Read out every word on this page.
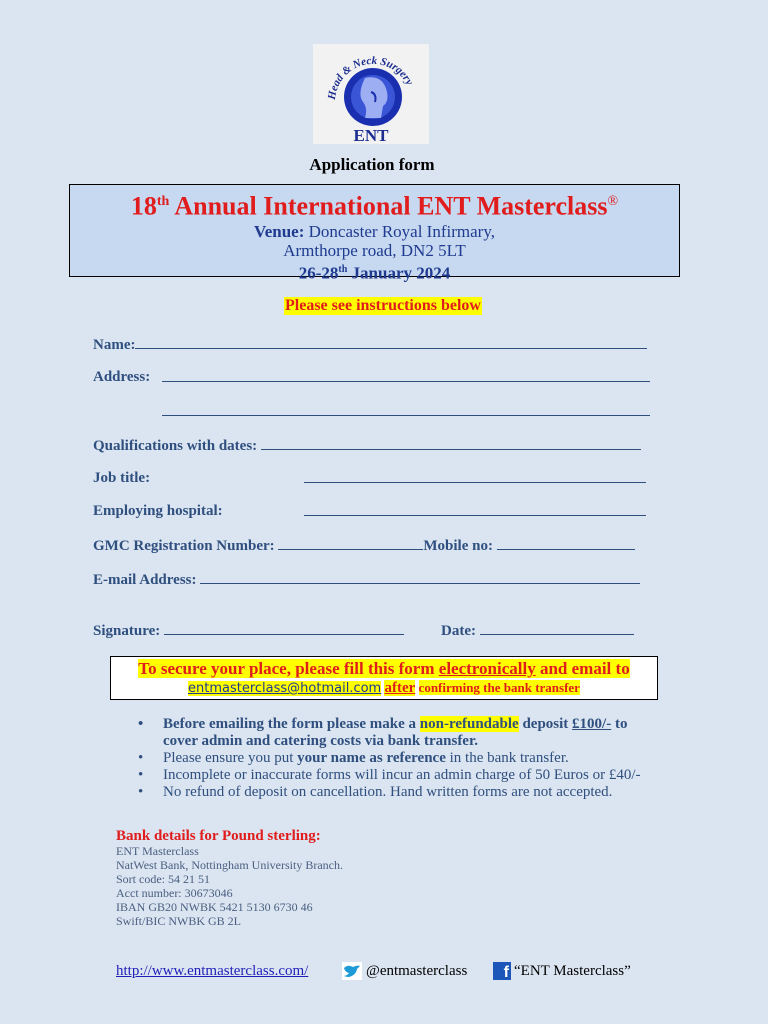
Head & Neck Surgery
ENT
Application form
18th Annual International ENT Masterclass®
Venue: Doncaster Royal Infirmary,
Armthorpe road, DN2 5LT
26-28th January 2024
Please see instructions below
Name:
Address:
Qualifications with dates:
Job title:
Employing hospital:
GMC Registration Number:	Mobile no:
E-mail Address:
Signature:	Date:
To secure your place, please fill this form electronically and email to
entmasterclass@hotmail.com after confirming the bank transfer
• Before emailing the form please make a non-refundable deposit £100/- to cover admin and catering costs via bank transfer.
• Please ensure you put your name as reference in the bank transfer.
• Incomplete or inaccurate forms will incur an admin charge of 50 Euros or £40/-
• No refund of deposit on cancellation. Hand written forms are not accepted.
Bank details for Pound sterling:
ENT Masterclass
NatWest Bank, Nottingham University Branch.
Sort code: 54 21 51
Acct number: 30673046
IBAN GB20 NWBK 5421 5130 6730 46
Swift/BIC NWBK GB 2L
http://www.entmasterclass.com/	@entmasterclass f “ENT Masterclass”
